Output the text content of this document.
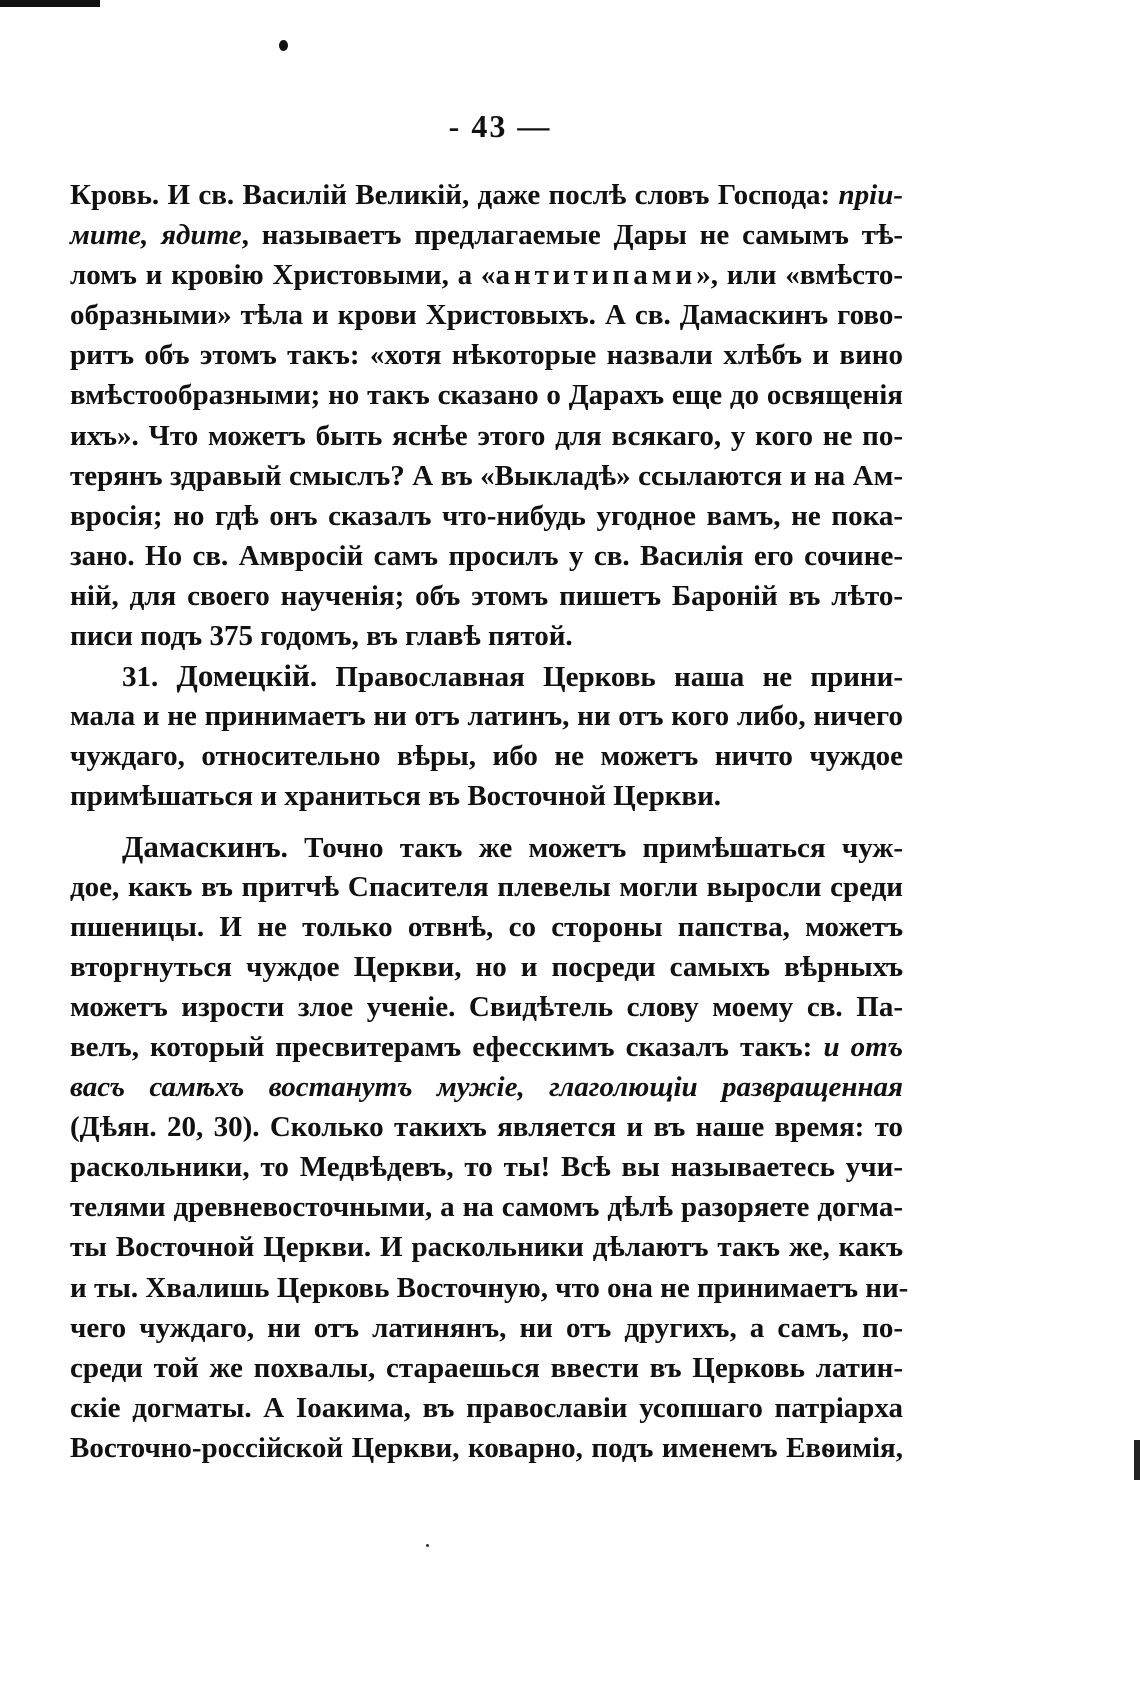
- 43 —
Кровь. И св. Василій Великій, даже послѣ словъ Господа: пріи-
мите, ядите, называетъ предлагаемые Дары не самымъ тѣ-
ломъ и кровію Христовыми, а «антитипами», или «вмѣсто-
образными» тѣла и крови Христовыхъ. А св. Дамаскинъ гово-
ритъ объ этомъ такъ: «хотя нѣкоторые назвали хлѣбъ и вино
вмѣстообразными; но такъ сказано о Дарахъ еще до освященія
ихъ». Что можетъ быть яснѣе этого для всякаго, у кого не по-
терянъ здравый смыслъ? А въ «Выкладѣ» ссылаются и на Ам-
вросія; но гдѣ онъ сказалъ что-нибудь угодное вамъ, не пока-
зано. Но св. Амвросій самъ просилъ у св. Василія его сочине-
ній, для своего наученія; объ этомъ пишетъ Бароній въ лѣто-
писи подъ 375 годомъ, въ главѣ пятой.
31. Домецкій. Православная Церковь наша не прини-
мала и не принимаетъ ни отъ латинъ, ни отъ кого либо, ничего
чуждаго, относительно вѣры, ибо не можетъ ничто чуждое
примѣшаться и храниться въ Восточной Церкви.
Дамаскинъ. Точно такъ же можетъ примѣшаться чуж-
дое, какъ въ притчѣ Спасителя плевелы могли выросли среди
пшеницы. И не только отвнѣ, со стороны папства, можетъ
вторгнуться чуждое Церкви, но и посреди самыхъ вѣрныхъ
можетъ изрости злое ученіе. Свидѣтель слову моему св. Па-
велъ, который пресвитерамъ ефесскимъ сказалъ такъ: и отъ
васъ самѣхъ востанутъ мужіе, глаголющіи развращенная
(Дѣян. 20, 30). Сколько такихъ является и въ наше время: то
раскольники, то Медвѣдевъ, то ты! Всѣ вы называетесь учи-
телями древневосточными, а на самомъ дѣлѣ разоряете догма-
ты Восточной Церкви. И раскольники дѣлаютъ такъ же, какъ
и ты. Хвалишь Церковь Восточную, что она не принимаетъ ни-
чего чуждаго, ни отъ латинянъ, ни отъ другихъ, а самъ, по-
среди той же похвалы, стараешься ввести въ Церковь латин-
скіе догматы. А Іоакима, въ православіи усопшаго патріарха
Восточно-россійской Церкви, коварно, подъ именемъ Евѳимія,
